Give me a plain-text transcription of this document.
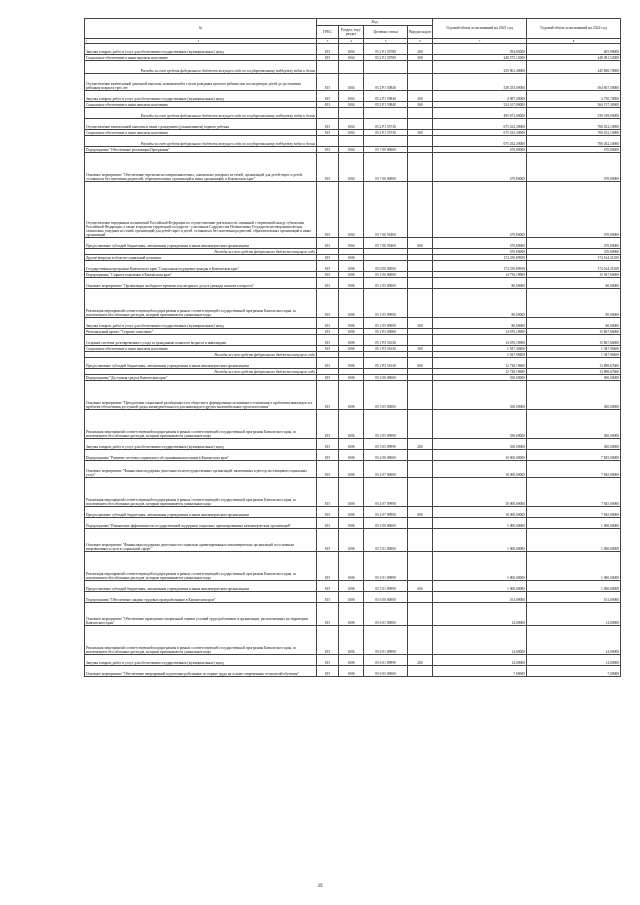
№	Код				Годовой объем ассигнований на 2021 год	Годовой объем ассигнований на 2022 год
	ГРБС	Раздел, под- раздел	Целевая статья	Вид расходов		
1 2	3	4	5	6	7	8
Закупка товаров, работ и услуг для обеспечения государственных (муниципальных) нужд	815	1004	05 2 P1 50780	200	394,85000	405,98000
Социальное обеспечение и иные выплаты населению	815	1004	05 2 P1 50780	300	248 575,15000	248 081,52000
Расходы за счет средств федерального бюджета текущего года по государственному поддержку задач и делам					235 961,40000	245 690,70000
Осуществление ежемесячной денежной выплаты, назначаемой в случае рождения третьего ребенка или последующих детей до достижения ребенком возраста трех лет	815	1004	05 2 P1 50840		528 255,00000	564 607,30000
Закупка товаров, работ и услуг для обеспечения государственных (муниципальных) нужд	815	1004	05 2 P1 50840	200	4 087,20000	4 750,70000
Социальное обеспечение и иные выплаты населению	815	1004	05 2 P1 50840	300	524 167,80000	560 157,30000
Расходы за счет средств федерального бюджета текущего года по государственному поддержку задач и делам					495 673,00000	539 339,00000
Осуществление ежемесячной выплаты в связи с рождением (усыновлением) первого ребенка	815	1004	05 2 P1 55730		675 432,30000	706 452,10000
Социальное обеспечение и иные выплаты населению	815	1004	05 2 P1 55730	300	675 432,30000	706 452,10000
Расходы за счет средств федерального бюджета текущего года по государственному поддержку задач и делам					675 432,30000	706 452,10000
Подпрограмма "Обеспечение реализации Программы"	815	1004	05 7 00 00000		470,80000	470,80000
Основное мероприятие "Обеспечение перевозки несовершеннолетних, самовольно ушедших из семей, организаций для детей-сирот и детей, оставшихся без попечения родителей, образовательных организаций и иных организаций, в Камчатском крае"	815	1004	05 7 06 00000		470,80000	470,80000
Осуществление переданных полномочий Российской Федерации по осуществлению деятельности, связанной с перевозкой между субъектами Российской Федерации, а также в пределах территорий государств - участников Содружества Независимых Государств несовершеннолетних, самовольно ушедших из семей, организаций для детей-сирот и детей, оставшихся без попечения родителей, образовательных организаций и иных организаций	815	1004	05 7 06 59400		470,80000	470,80000
Предоставление субсидий бюджетным, автономным учреждениям и иным некоммерческим организациям	815	1004	05 7 06 59400	600	470,80000	470,80000
Расходы за счет средств федерального бюджета текущего года					470,80000	470,80000
Другие вопросы в области социальной политики	815	1006			174 250,89950	174 164,31650
Государственная программа Камчатского края "Социальная поддержка граждан в Камчатском крае"	815	1006	05 0 00 00000		174 250,89950	174 164,31650
Подпрограмма "Старшее поколение в Камчатском крае"	815	1006	05 1 00 00000		14 756,18900	15 947,66000
Основное мероприятие "Организация свободного времени и культурного досуга граждан пожилого возраста"	815	1006	05 1 05 00000		80,00000	80,00000
Реализация мероприятий соответствующей подпрограммы в рамках соответствующей государственной программы Камчатского края, за исключением обособленных расходов, которым присваиваются уникальные коды	815	1006	05 1 05 09990		80,00000	80,00000
Закупка товаров, работ и услуг для обеспечения государственных (муниципальных) нужд	815	1006	05 1 05 09990	200	80,00000	80,00000
Региональный проект "Старшее поколение"	815	1006	05 1 P3 00000		14 676,18900	15 867,66000
Создание системы долговременного ухода за гражданами пожилого возраста и инвалидами	815	1006	05 1 P3 51630		14 676,18900	15 867,66000
Социальное обеспечение и иные выплаты населению	815	1006	05 1 P3 51630	300	1 947,38400	1 947,98400
Расходы за счет средств федерального бюджета текущего года					1 947,98400	1 947,98400
Предоставление субсидий бюджетным, автономным учреждениям и иным некоммерческим организациям	815	1006	05 1 P3 51630	600	12 728,19600	13 890,67600
Расходы за счет средств федерального бюджета текущего года					12 728,19600	13 890,67600
Подпрограмма "Доступная среда в Камчатском крае"	815	1006	05 3 00 00000		350,00000	300,00000
Основное мероприятие "Преодоление социальной разобщенности в обществе и формирование позитивного отношения к проблемам инвалидов и к проблеме обеспечения доступной среды жизнедеятельности для инвалидов и других маломобильных групп населения"	815	1006	05 3 05 00000		350,00000	300,00000
Реализация мероприятий соответствующей подпрограммы в рамках соответствующей государственной программы Камчатского края, за исключением обособленных расходов, которым присваиваются уникальные коды	815	1006	05 3 05 09990		350,00000	300,00000
Закупка товаров, работ и услуг для обеспечения государственных (муниципальных) нужд	815	1006	05 3 05 09990	200	350,00000	300,00000
Подпрограмма "Развитие системы социального обслуживания населения в Камчатском крае"	815	1006	05 4 00 00000		10 000,00000	7 845,00000
Основное мероприятие "Финансовая поддержка деятельности негосударственных организаций, включенных в реестр поставщиков социальных услуг"	815	1006	05 4 07 00000		10 000,00000	7 845,00000
Реализация мероприятий соответствующей подпрограммы в рамках соответствующей государственной программы Камчатского края, за исключением обособленных расходов, которым присваиваются уникальные коды	815	1006	05 4 07 09990		10 000,00000	7 845,00000
Предоставление субсидий бюджетным, автономным учреждениям и иным некоммерческим организациям	815	1006	05 4 07 09990	600	10 000,00000	7 845,00000
Подпрограмма "Повышение эффективности государственной поддержки социально ориентированных некоммерческих организаций"	815	1006	05 5 00 00000		1 000,00000	1 000,00000
Основное мероприятие "Финансовая поддержка деятельности социально ориентированных некоммерческих организаций по основным направлениям услуги в социальной сфере"	815	1006	05 5 01 00000		1 000,00000	1 000,00000
Реализация мероприятий соответствующей подпрограммы в рамках соответствующей государственной программы Камчатского края, за исключением обособленных расходов, которым присваиваются уникальные коды	815	1006	05 5 01 09990		1 000,00000	1 000,00000
Предоставление субсидий бюджетным, автономным учреждениям и иным некоммерческим организациям	815	1006	05 5 01 09990	600	1 000,00000	1 000,00000
Подпрограмма "Обеспечение лицами трудовых прав работников в Камчатском крае"	815	1006	05 6 00 00000		161,00000	161,00000
Основное мероприятие "Обеспечение проведения специальной оценки условий труда работников и организации, расположенных на территории Камчатского края"	815	1006	05 6 01 00000		14,00000	14,00000
Реализация мероприятий соответствующей подпрограммы в рамках соответствующей государственной программы Камчатского края, за исключением обособленных расходов, которым присваиваются уникальные коды	815	1006	05 6 01 09990		14,00000	14,00000
Закупка товаров, работ и услуг для обеспечения государственных (муниципальных) нужд	815	1006	05 6 01 09990	200	14,00000	14,00000
Основное мероприятие "Обеспечение непрерывной подготовки работников по охране труда на основе современных технологий обучения"	815	1006	05 6 03 00000		7,00000	7,00000
39
